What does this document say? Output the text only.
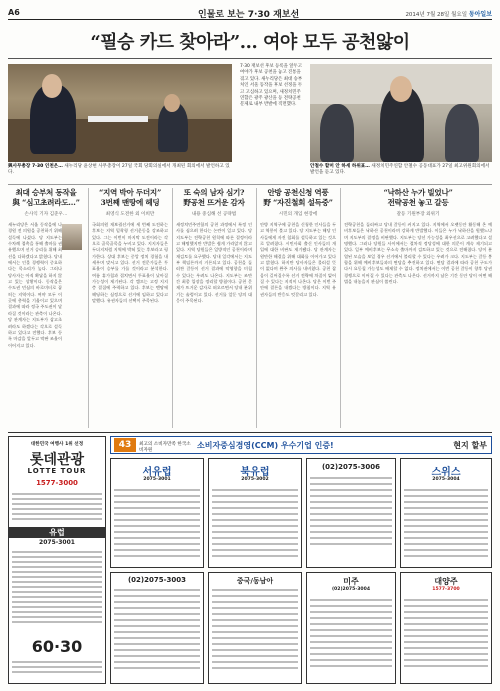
A6	인물로 보는 7·30 재보선	2014년 7월 28일 월요일 동아일보
“필승 카드 찾아라”… 여야 모두 공천앓이
與사무총장 7·30 인천은… 새누리당 윤상현 사무총장이 27일 국회 당회의실에서 개최된 회의에서 발언하고 있다.
7·30 재보선 후보 등록을 앞두고 여야가 후보 공천을 놓고 진통을 겪고 있다. 새누리당은 최대 승부처인 서울 동작을 후보 선정을 두고 고심하고 있으며, 새정치민주연합은 광주 광산을 등 전략공천 문제로 내부 반발에 직면했다.
안철수 할머 안 하세 하위표… 새정치민주연합 안철수 공동대표가 27일 최고위원회의에서 발언을 듣고 있다.
최대 승부처 동작을
與 “심고초려라도…”
손사익 기자 김준우…
새누리당은 서울 동작을에 나경원 전 의원을 공천하기 위해 설득에 나섰다. 당 지도부는 수차례 접촉을 통해 출마를 권유했으며 선거 승리를 위해 최선을 다하겠다고 밝혔다. 당내에서는 인물 경쟁력이 중요하다는 목소리가 높다. 그러나 당사자는 아직 확답을 하지 않고 있는 상황이다. 동작을은 수도권 민심의 바로미터로 꼽히는 지역이다. 여야 모두 이곳에 총력을 기울이고 있으며 결과에 따라 정국 주도권이 달라질 것이라는 관측이 나온다. 당 관계자는 지도부가 삼고초려라도 하겠다는 각오로 설득하고 있다고 전했다. 후보 등록 마감을 앞두고 막판 조율이 이어지고 있다.
“지역 박아 두더지”
3번째 맨땅에 헤딩
최영식 도전한 외 이희만
국회의원 재보궐선거에 세 번째 도전하는 후보는 지역 밀착형 선거운동을 강조하고 있다. 그는 이번이 마지막 도전이라는 각오로 골목골목을 누비고 있다. 지지자들은 두더지처럼 지역에 박혀 있는 후보라고 평가한다. 상대 후보는 중앙 정치 경험을 내세우며 맞서고 있다. 선거 전문가들은 투표율이 승부를 가를 것이라고 분석한다. 여름 휴가철과 겹치면서 투표율이 낮아질 가능성이 제기된다. 각 캠프는 고정 지지층 결집에 주력하고 있다. 후보는 맨땅에 헤딩하는 심정으로 선거에 임하고 있다고 말했다. 유권자들의 선택이 주목된다.
또 숙의 남자 심기?
野공천 뜨거운 감자
내용 중심해 선 공략법
새정치민주연합의 공천 과정에서 특정 인사를 심으려 한다는 논란이 일고 있다. 당 지도부는 전략공천 원칙에 따른 결정이라고 해명했지만 반발은 쉽게 가라앉지 않고 있다. 지역 당원들은 일방적인 공천이라며 재검토를 요구했다. 당내 일각에서는 지도부 책임론까지 거론되고 있다. 공천을 둘러싼 갈등이 선거 결과에 악영향을 미칠 수 있다는 우려도 나온다. 지도부는 조만간 최종 입장을 정리할 방침이다. 공천 문제가 뜨거운 감자로 떠오르면서 당내 분위기는 술렁이고 있다. 선거를 앞둔 당의 대응이 주목된다.
안방 공천신청 역풍
野 “자진철회 설득중”
시민의 개입 현장에
안방 지역구에 공천을 신청한 인사들을 두고 역풍이 불고 있다. 당 지도부는 해당 인사들에게 자진 철회를 설득하고 있는 것으로 알려졌다. 시민사회 출신 인사들의 개입에 대한 비판도 제기됐다. 당 관계자는 원만한 해결을 위해 대화를 이어가고 있다고 밝혔다. 하지만 당사자들은 물러설 뜻이 없다며 완주 의사를 내비쳤다. 공천 잡음이 길어질수록 선거 전략에 차질이 빚어질 수 있다는 지적이 나온다. 당은 이번 주 안에 결론을 내겠다는 방침이다. 지역 유권자들의 반응도 엇갈리고 있다.
“낙하산 누가 빌었나”
전략공천 놓고 갈등
갈등 기원부장 외위기
전략공천을 둘러싸고 당내 갈등이 커지고 있다. 지역에서 오랫동안 활동해 온 예비후보들은 낙하산 공천이라며 강하게 반발했다. 이들은 누가 낙하산을 원했느냐며 지도부의 결정을 비판했다. 지도부는 당선 가능성을 최우선으로 고려했다고 설명했다. 그러나 당원들 사이에서는 절차적 정당성에 대한 의문이 계속 제기되고 있다. 일부 예비후보는 무소속 출마까지 검토하고 있는 것으로 전해졌다. 당이 분열된 모습을 보일 경우 선거에서 불리할 수 있다는 우려가 크다. 지도부는 갈등 봉합을 위해 예비후보들과의 면담을 추진하고 있다. 면담 결과에 따라 공천 구도가 다시 요동칠 가능성도 배제할 수 없다. 정치권에서는 이번 공천 갈등이 향후 당권 경쟁으로 이어질 수 있다는 관측도 나온다. 선거까지 남은 기간 동안 당이 어떤 해법을 내놓을지 관심이 쏠린다.
대한민국 여행사 1위 선정
롯데관광
LOTTE TOUR
1577-3000
유럽
2075-3001
60·30
43	최고의 소비자만족 한국소비자원
소비자중심경영(CCM) 우수기업 인증!	현지 할부
서유럽
2075-3001
북유럽
2075-3002
(02)2075-3006	스위스
2075-3004
(02)2075-3003	중국/동남아	미주
(02)2075-3004
대양주
1577-3700
